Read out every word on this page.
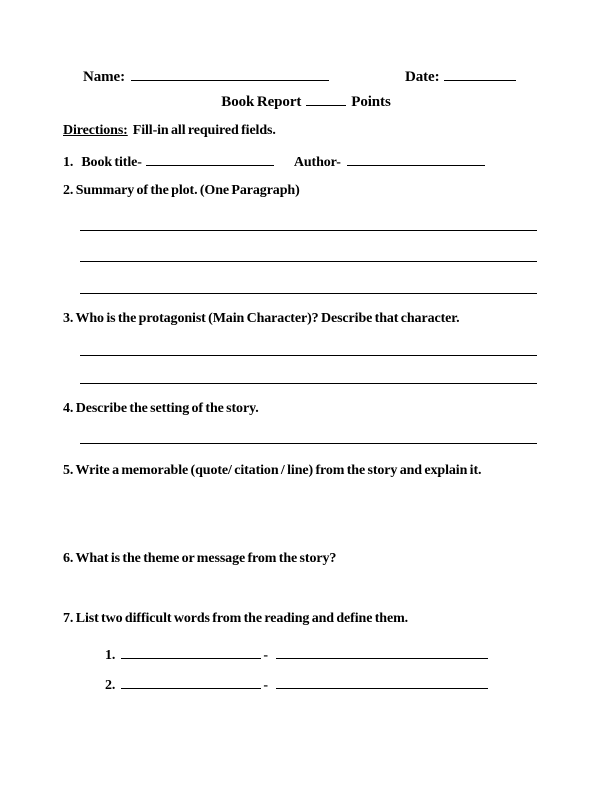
Name:	Date:
Book Report	Points
Directions: Fill-in all required fields.
1. Book title-	Author-
2. Summary of the plot. (One Paragraph)
3. Who is the protagonist (Main Character)? Describe that character.
4. Describe the setting of the story.
5. Write a memorable (quote/ citation / line) from the story and explain it.
6. What is the theme or message from the story?
7. List two difficult words from the reading and define them.
1.	-
2.	-
